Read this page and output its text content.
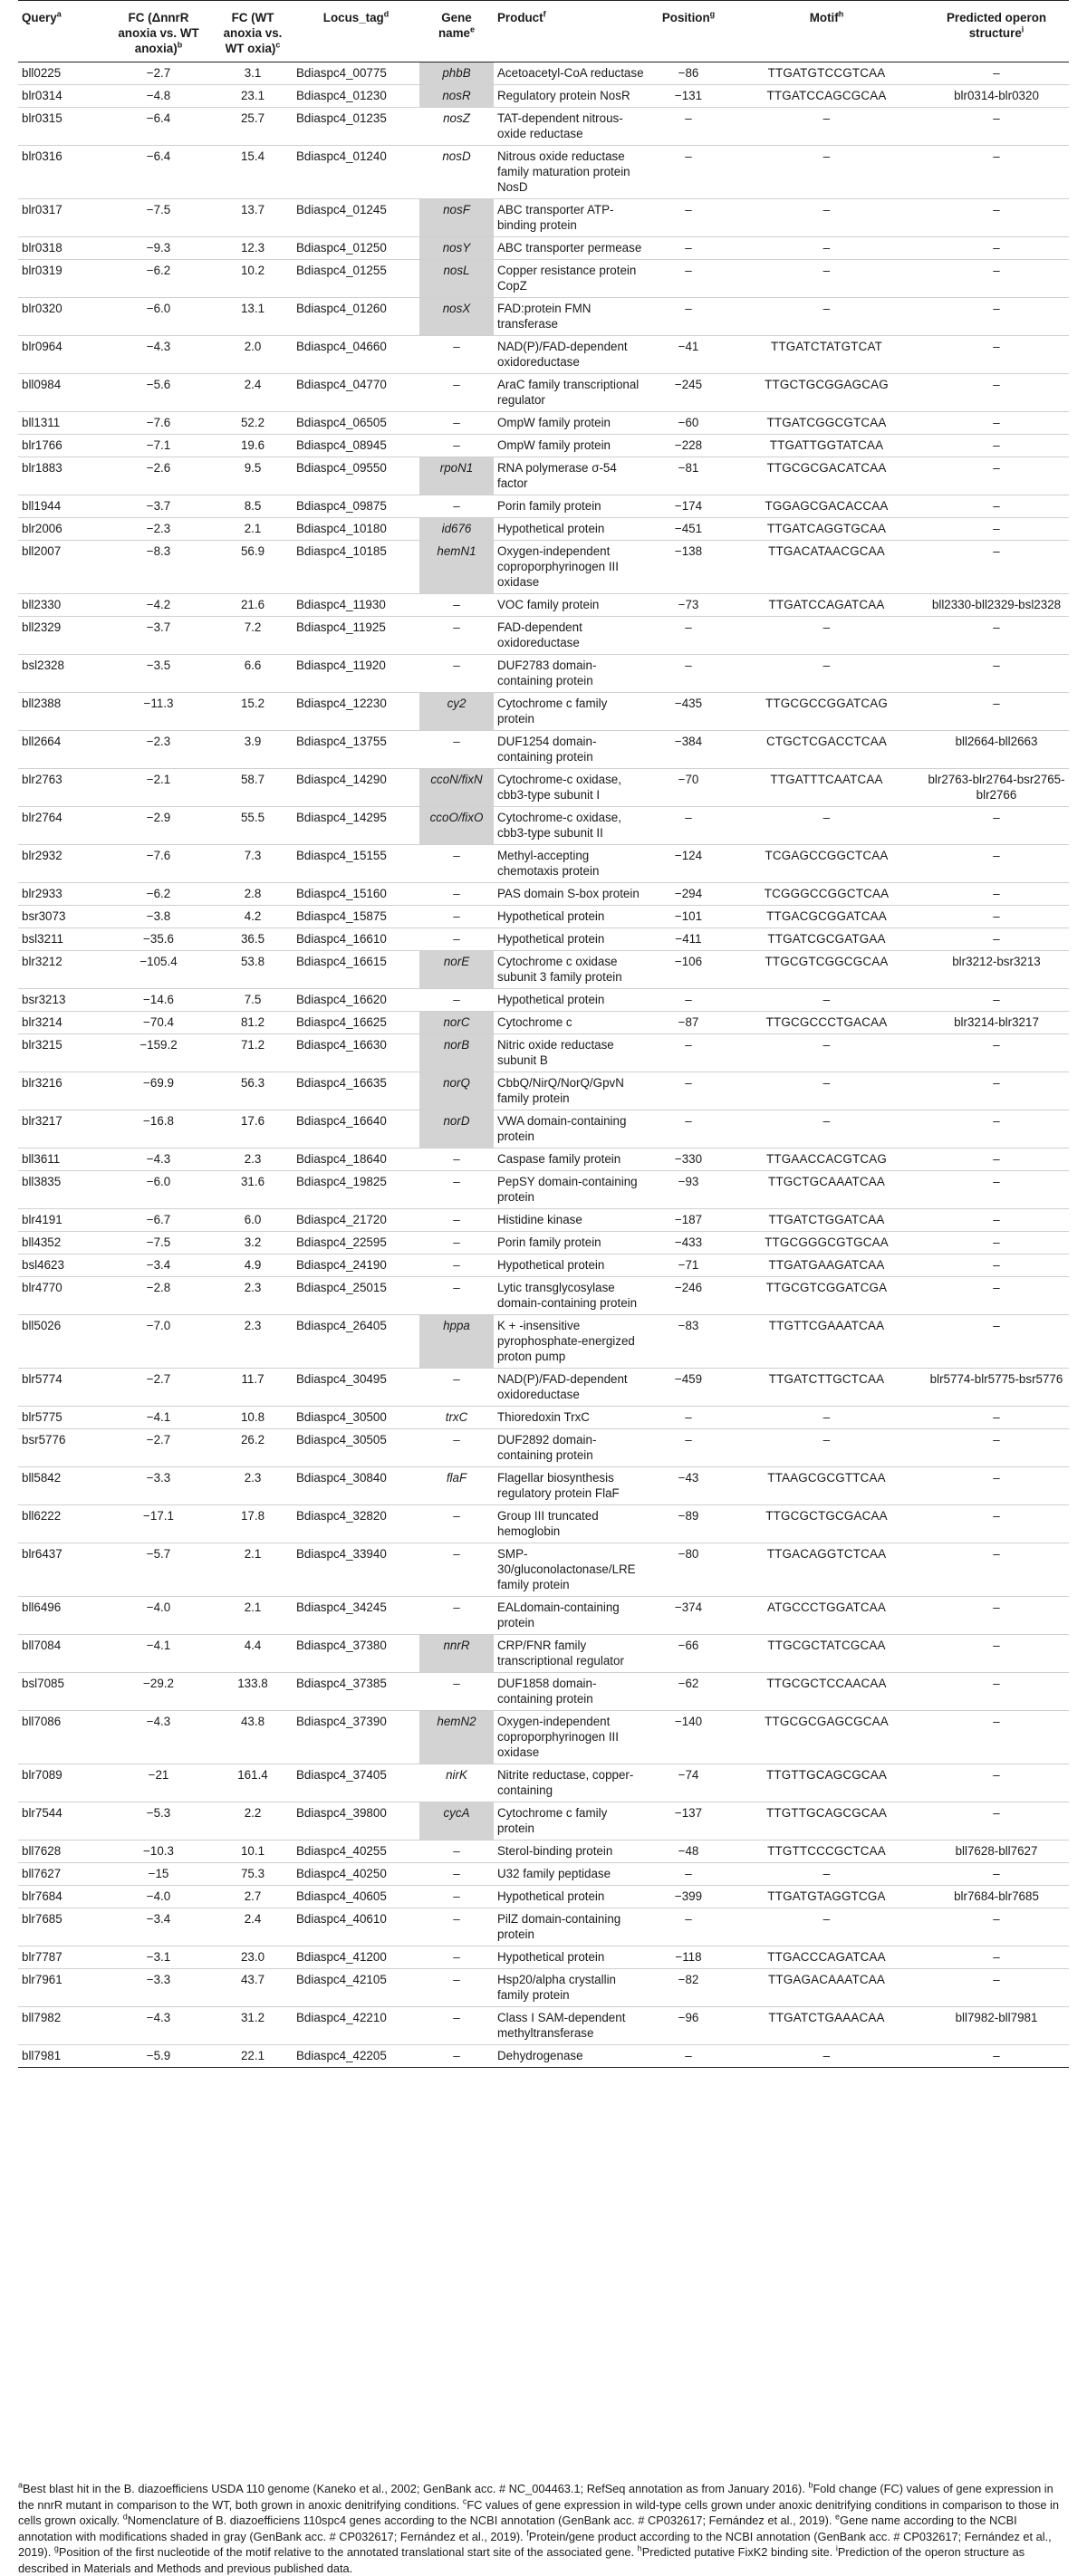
Query$^a$	FC (ΔnnrR anoxia vs. WT anoxia)$^b$	FC (WT anoxia vs. WT oxia)$^c$	Locus_tag$^d$	Gene name$^e$	Product$^f$	Position$^g$	Motif$^h$	Predicted operon structure$^i$
bll0225	−2.7	3.1	Bdiaspc4_00775	phbB	Acetoacetyl-CoA reductase	−86	TTGATGTCCGTCAA	–
blr0314	−4.8	23.1	Bdiaspc4_01230	nosR	Regulatory protein NosR	−131	TTGATCCAGCGCAA	blr0314-blr0320
blr0315	−6.4	25.7	Bdiaspc4_01235	nosZ	TAT-dependent nitrous-oxide reductase	–	–	–
blr0316	−6.4	15.4	Bdiaspc4_01240	nosD	Nitrous oxide reductase family maturation protein NosD	–	–	–
blr0317	−7.5	13.7	Bdiaspc4_01245	nosF	ABC transporter ATP-binding protein	–	–	–
blr0318	−9.3	12.3	Bdiaspc4_01250	nosY	ABC transporter permease	–	–	–
blr0319	−6.2	10.2	Bdiaspc4_01255	nosL	Copper resistance protein CopZ	–	–	–
blr0320	−6.0	13.1	Bdiaspc4_01260	nosX	FAD:protein FMN transferase	–	–	–
blr0964	−4.3	2.0	Bdiaspc4_04660	–	NAD(P)/FAD-dependent oxidoreductase	−41	TTGATCTATGTCAT	–
bll0984	−5.6	2.4	Bdiaspc4_04770	–	AraC family transcriptional regulator	−245	TTGCTGCGGAGCAG	–
bll1311	−7.6	52.2	Bdiaspc4_06505	–	OmpW family protein	−60	TTGATCGGCGTCAA	–
blr1766	−7.1	19.6	Bdiaspc4_08945	–	OmpW family protein	−228	TTGATTGGTATCAA	–
blr1883	−2.6	9.5	Bdiaspc4_09550	rpoN1	RNA polymerase σ-54 factor	−81	TTGCGCGACATCAA	–
bll1944	−3.7	8.5	Bdiaspc4_09875	–	Porin family protein	−174	TGGAGCGACACCAA	–
blr2006	−2.3	2.1	Bdiaspc4_10180	id676	Hypothetical protein	−451	TTGATCAGGTGCAA	–
bll2007	−8.3	56.9	Bdiaspc4_10185	hemN1	Oxygen-independent coproporphyrinogen III oxidase	−138	TTGACATAACGCAA	–
bll2330	−4.2	21.6	Bdiaspc4_11930	–	VOC family protein	−73	TTGATCCAGATCAA	bll2330-bll2329-bsl2328
bll2329	−3.7	7.2	Bdiaspc4_11925	–	FAD-dependent oxidoreductase	–	–	–
bsl2328	−3.5	6.6	Bdiaspc4_11920	–	DUF2783 domain-containing protein	–	–	–
bll2388	−11.3	15.2	Bdiaspc4_12230	cy2	Cytochrome c family protein	−435	TTGCGCCGGATCAG	–
bll2664	−2.3	3.9	Bdiaspc4_13755	–	DUF1254 domain-containing protein	−384	CTGCTCGACCTCAA	bll2664-bll2663
blr2763	−2.1	58.7	Bdiaspc4_14290	ccoN/fixN	Cytochrome-c oxidase, cbb3-type subunit I	−70	TTGATTTCAATCAA	blr2763-blr2764-bsr2765-blr2766
blr2764	−2.9	55.5	Bdiaspc4_14295	ccoO/fixO	Cytochrome-c oxidase, cbb3-type subunit II	–	–	–
blr2932	−7.6	7.3	Bdiaspc4_15155	–	Methyl-accepting chemotaxis protein	−124	TCGAGCCGGCTCAA	–
blr2933	−6.2	2.8	Bdiaspc4_15160	–	PAS domain S-box protein	−294	TCGGGCCGGCTCAA	–
bsr3073	−3.8	4.2	Bdiaspc4_15875	–	Hypothetical protein	−101	TTGACGCGGATCAA	–
bsl3211	−35.6	36.5	Bdiaspc4_16610	–	Hypothetical protein	−411	TTGATCGCGATGAA	–
blr3212	−105.4	53.8	Bdiaspc4_16615	norE	Cytochrome c oxidase subunit 3 family protein	−106	TTGCGTCGGCGCAA	blr3212-bsr3213
bsr3213	−14.6	7.5	Bdiaspc4_16620	–	Hypothetical protein	–	–	–
blr3214	−70.4	81.2	Bdiaspc4_16625	norC	Cytochrome c	−87	TTGCGCCCTGACAA	blr3214-blr3217
blr3215	−159.2	71.2	Bdiaspc4_16630	norB	Nitric oxide reductase subunit B	–	–	–
blr3216	−69.9	56.3	Bdiaspc4_16635	norQ	CbbQ/NirQ/NorQ/GpvN family protein	–	–	–
blr3217	−16.8	17.6	Bdiaspc4_16640	norD	VWA domain-containing protein	–	–	–
bll3611	−4.3	2.3	Bdiaspc4_18640	–	Caspase family protein	−330	TTGAACCACGTCAG	–
bll3835	−6.0	31.6	Bdiaspc4_19825	–	PepSY domain-containing protein	−93	TTGCTGCAAATCAA	–
blr4191	−6.7	6.0	Bdiaspc4_21720	–	Histidine kinase	−187	TTGATCTGGATCAA	–
bll4352	−7.5	3.2	Bdiaspc4_22595	–	Porin family protein	−433	TTGCGGGCGTGCAA	–
bsl4623	−3.4	4.9	Bdiaspc4_24190	–	Hypothetical protein	−71	TTGATGAAGATCAA	–
blr4770	−2.8	2.3	Bdiaspc4_25015	–	Lytic transglycosylase domain-containing protein	−246	TTGCGTCGGATCGA	–
bll5026	−7.0	2.3	Bdiaspc4_26405	hppa	K + -insensitive pyrophosphate-energized proton pump	−83	TTGTTCGAAATCAA	–
blr5774	−2.7	11.7	Bdiaspc4_30495	–	NAD(P)/FAD-dependent oxidoreductase	−459	TTGATCTTGCTCAA	blr5774-blr5775-bsr5776
blr5775	−4.1	10.8	Bdiaspc4_30500	trxC	Thioredoxin TrxC	–	–	–
bsr5776	−2.7	26.2	Bdiaspc4_30505	–	DUF2892 domain-containing protein	–	–	–
bll5842	−3.3	2.3	Bdiaspc4_30840	flaF	Flagellar biosynthesis regulatory protein FlaF	−43	TTAAGCGCGTTCAA	–
bll6222	−17.1	17.8	Bdiaspc4_32820	–	Group III truncated hemoglobin	−89	TTGCGCTGCGACAA	–
blr6437	−5.7	2.1	Bdiaspc4_33940	–	SMP-30/gluconolactonase/LRE family protein	−80	TTGACAGGTCTCAA	–
bll6496	−4.0	2.1	Bdiaspc4_34245	–	EALdomain-containing protein	−374	ATGCCCTGGATCAA	–
bll7084	−4.1	4.4	Bdiaspc4_37380	nnrR	CRP/FNR family transcriptional regulator	−66	TTGCGCTATCGCAA	–
bsl7085	−29.2	133.8	Bdiaspc4_37385	–	DUF1858 domain-containing protein	−62	TTGCGCTCCAACAA	–
bll7086	−4.3	43.8	Bdiaspc4_37390	hemN2	Oxygen-independent coproporphyrinogen III oxidase	−140	TTGCGCGAGCGCAA	–
blr7089	−21	161.4	Bdiaspc4_37405	nirK	Nitrite reductase, copper-containing	−74	TTGTTGCAGCGCAA	–
blr7544	−5.3	2.2	Bdiaspc4_39800	cycA	Cytochrome c family protein	−137	TTGTTGCAGCGCAA	–
bll7628	−10.3	10.1	Bdiaspc4_40255	–	Sterol-binding protein	−48	TTGTTCCCGCTCAA	bll7628-bll7627
bll7627	−15	75.3	Bdiaspc4_40250	–	U32 family peptidase	–	–	–
blr7684	−4.0	2.7	Bdiaspc4_40605	–	Hypothetical protein	−399	TTGATGTAGGTCGA	blr7684-blr7685
blr7685	−3.4	2.4	Bdiaspc4_40610	–	PilZ domain-containing protein	–	–	–
blr7787	−3.1	23.0	Bdiaspc4_41200	–	Hypothetical protein	−118	TTGACCCAGATCAA	–
blr7961	−3.3	43.7	Bdiaspc4_42105	–	Hsp20/alpha crystallin family protein	−82	TTGAGACAAATCAA	–
bll7982	−4.3	31.2	Bdiaspc4_42210	–	Class I SAM-dependent methyltransferase	−96	TTGATCTGAAACAA	bll7982-bll7981
bll7981	−5.9	22.1	Bdiaspc4_42205	–	Dehydrogenase	–	–	–

$^a$Best blast hit in the B. diazoefficiens USDA 110 genome (Kaneko et al., 2002; GenBank acc. # NC_004463.1; RefSeq annotation as from January 2016). $^b$Fold change (FC) values of gene expression in the nnrR mutant in comparison to the WT, both grown in anoxic denitrifying conditions. $^c$FC values of gene expression in wild-type cells grown under anoxic denitrifying conditions in comparison to those in cells grown oxically. $^d$Nomenclature of B. diazoefficiens 110spc4 genes according to the NCBI annotation (GenBank acc. # CP032617; Fernández et al., 2019). $^e$Gene name according to the NCBI annotation with modifications shaded in gray (GenBank acc. # CP032617; Fernández et al., 2019). $^f$Protein/gene product according to the NCBI annotation (GenBank acc. # CP032617; Fernández et al., 2019). $^g$Position of the first nucleotide of the motif relative to the annotated translational start site of the associated gene. $^h$Predicted putative FixK2 binding site. $^i$Prediction of the operon structure as described in Materials and Methods and previous published data.
